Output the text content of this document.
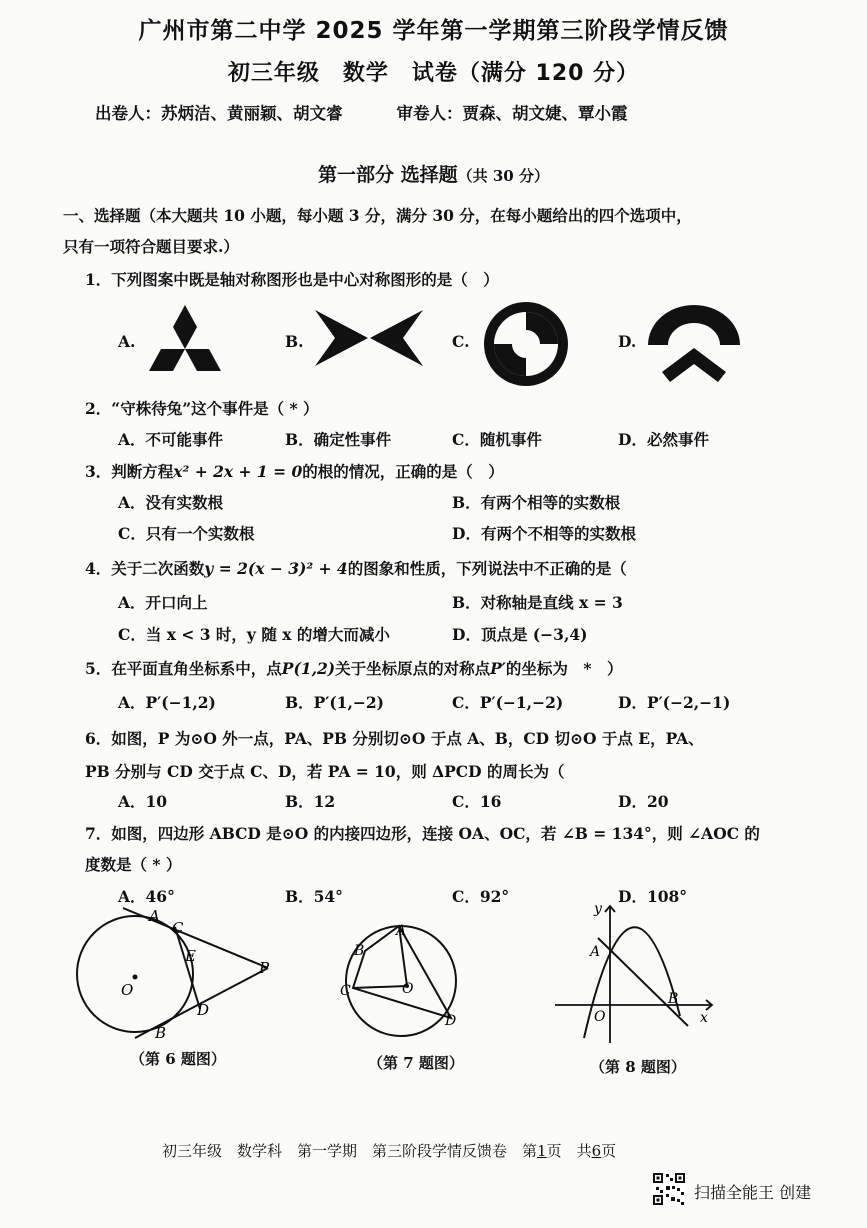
广州市第二中学 2025 学年第一学期第三阶段学情反馈
初三年级　数学　试卷（满分 120 分）
出卷人：苏炳洁、黄丽颖、胡文睿	审卷人：贾森、胡文婕、覃小霞
第一部分 选择题（共 30 分）
一、选择题（本大题共 10 小题，每小题 3 分，满分 30 分，在每小题给出的四个选项中，
只有一项符合题目要求.）
1．下列图案中既是轴对称图形也是中心对称图形的是（　）
A.	B.	C.	D.
2．“守株待兔”这个事件是（ * ）
A．不可能事件	B．确定性事件	C．随机事件	D．必然事件
3．判断方程x² + 2x + 1 = 0的根的情况，正确的是（　）
A．没有实数根	B．有两个相等的实数根
C．只有一个实数根	D．有两个不相等的实数根
4．关于二次函数y = 2(x − 3)² + 4的图象和性质，下列说法中不正确的是（
A．开口向上	B．对称轴是直线 x = 3
C．当 x < 3 时，y 随 x 的增大而减小	D．顶点是 (−3,4)
5．在平面直角坐标系中，点P(1,2)关于坐标原点的对称点P′的坐标为　*　）
A．P′(−1,2)	B．P′(1,−2)	C．P′(−1,−2)	D．P′(−2,−1)
6．如图，P 为⊙O 外一点，PA、PB 分别切⊙O 于点 A、B，CD 切⊙O 于点 E，PA、
PB 分别与 CD 交于点 C、D，若 PA = 10，则 ΔPCD 的周长为（
A．10	B．12	C．16	D．20
7．如图，四边形 ABCD 是⊙O 的内接四边形，连接 OA、OC，若 ∠B = 134°，则 ∠AOC 的
度数是（ * ）
A．46°	B．54°	C．92°	D．108°
A
C
E
P
O
D
B
（第 6 题图）
A
B
C	O
D
（第 7 题图）
y
A
O
B
x
（第 8 题图）
初三年级　数学科　第一学期　第三阶段学情反馈卷　第1页　共6页
扫描全能王 创建
